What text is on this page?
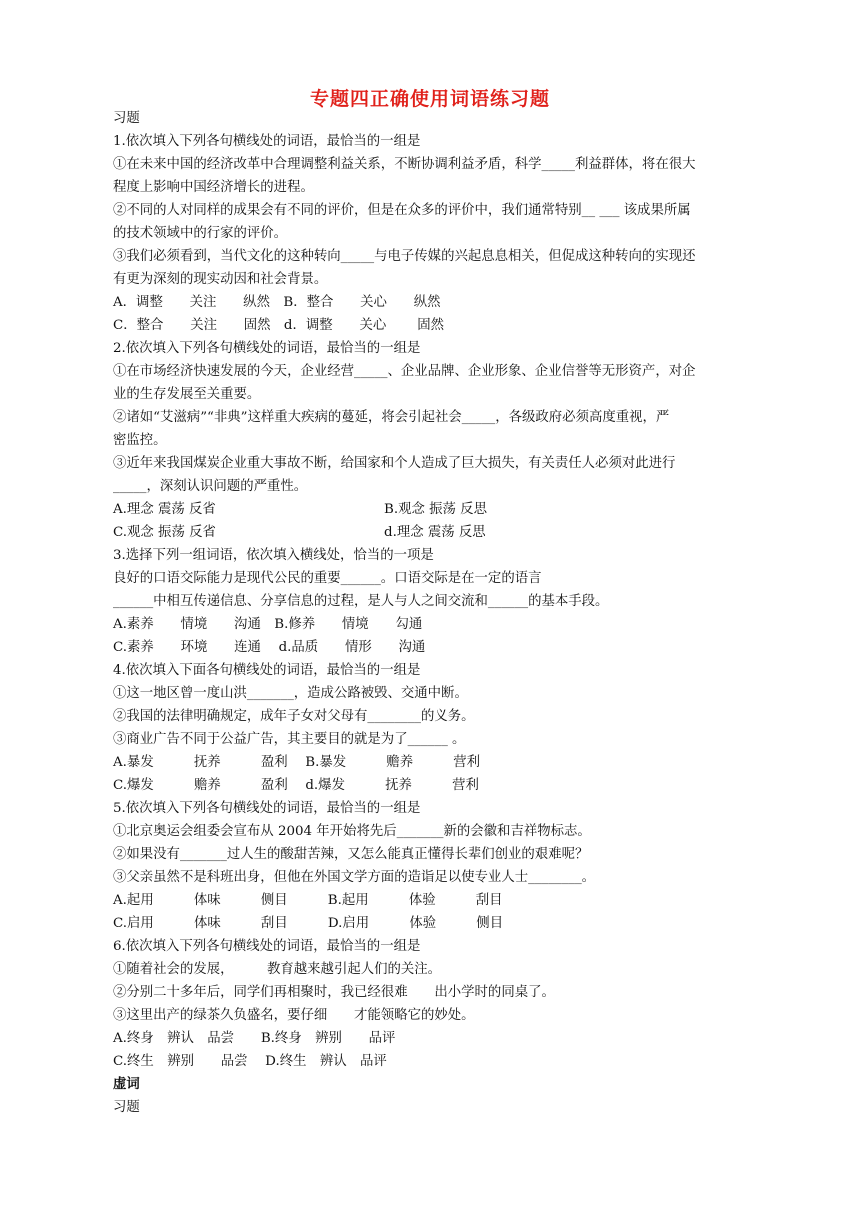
专题四正确使用词语练习题
习题
1.依次填入下列各句横线处的词语，最恰当的一组是
①在未来中国的经济改革中合理调整利益关系，不断协调利益矛盾，科学_____利益群体，将在很大
程度上影响中国经济增长的进程。
②不同的人对同样的成果会有不同的评价，但是在众多的评价中，我们通常特别__ ___ 该成果所属
的技术领域中的行家的评价。
③我们必须看到，当代文化的这种转向_____与电子传媒的兴起息息相关，但促成这种转向的实现还
有更为深刻的现实动因和社会背景。
A．调整　　关注　　纵然　B．整合　　关心　　纵然
C．整合　　关注　　固然　d．调整　　关心　　 固然
2.依次填入下列各句横线处的词语，最恰当的一组是
①在市场经济快速发展的今天，企业经营_____、企业品牌、企业形象、企业信誉等无形资产，对企
业的生存发展至关重要。
②诸如“艾滋病”“非典”这样重大疾病的蔓延，将会引起社会_____，各级政府必须高度重视，严
密监控。
③近年来我国煤炭企业重大事故不断，给国家和个人造成了巨大损失，有关责任人必须对此进行
_____，深刻认识问题的严重性。
A.理念 震荡 反省	B.观念 振荡 反思
C.观念 振荡 反省	d.理念 震荡 反思
3.选择下列一组词语，依次填入横线处，恰当的一项是
良好的口语交际能力是现代公民的重要______。口语交际是在一定的语言
______中相互传递信息、分享信息的过程，是人与人之间交流和______的基本手段。
A.素养　　情境　　沟通　B.修养　　情境　　勾通
C.素养　　环境　　连通　 d.品质　　情形　　沟通
4.依次填入下面各句横线处的词语，最恰当的一组是
①这一地区曾一度山洪_______，造成公路被毁、交通中断。
②我国的法律明确规定，成年子女对父母有________的义务。
③商业广告不同于公益广告，其主要目的就是为了______ 。
A.暴发　　　抚养　　　盈利　 B.暴发　　　赡养　　　营利
C.爆发　　　赡养　　　盈利　 d.爆发　　　抚养　　　营利
5.依次填入下列各句横线处的词语，最恰当的一组是
①北京奥运会组委会宣布从 2004 年开始将先后_______新的会徽和吉祥物标志。
②如果没有_______过人生的酸甜苦辣，又怎么能真正懂得长辈们创业的艰难呢？
③父亲虽然不是科班出身，但他在外国文学方面的造诣足以使专业人士________。
A.起用　　　体味　　　侧目　　　B.起用　　　体验　　　刮目
C.启用　　　体味　　　刮目　　　D.启用　　　体验　　　侧目
6.依次填入下列各句横线处的词语，最恰当的一组是
①随着社会的发展，　　　教育越来越引起人们的关注。
②分别二十多年后，同学们再相聚时，我已经很难　　出小学时的同桌了。
③这里出产的绿茶久负盛名，要仔细　　才能领略它的妙处。
A.终身　辨认　品尝　　B.终身　辨别　　品评
C.终生　辨别　　品尝　 D.终生　辨认　品评
虚词
习题
